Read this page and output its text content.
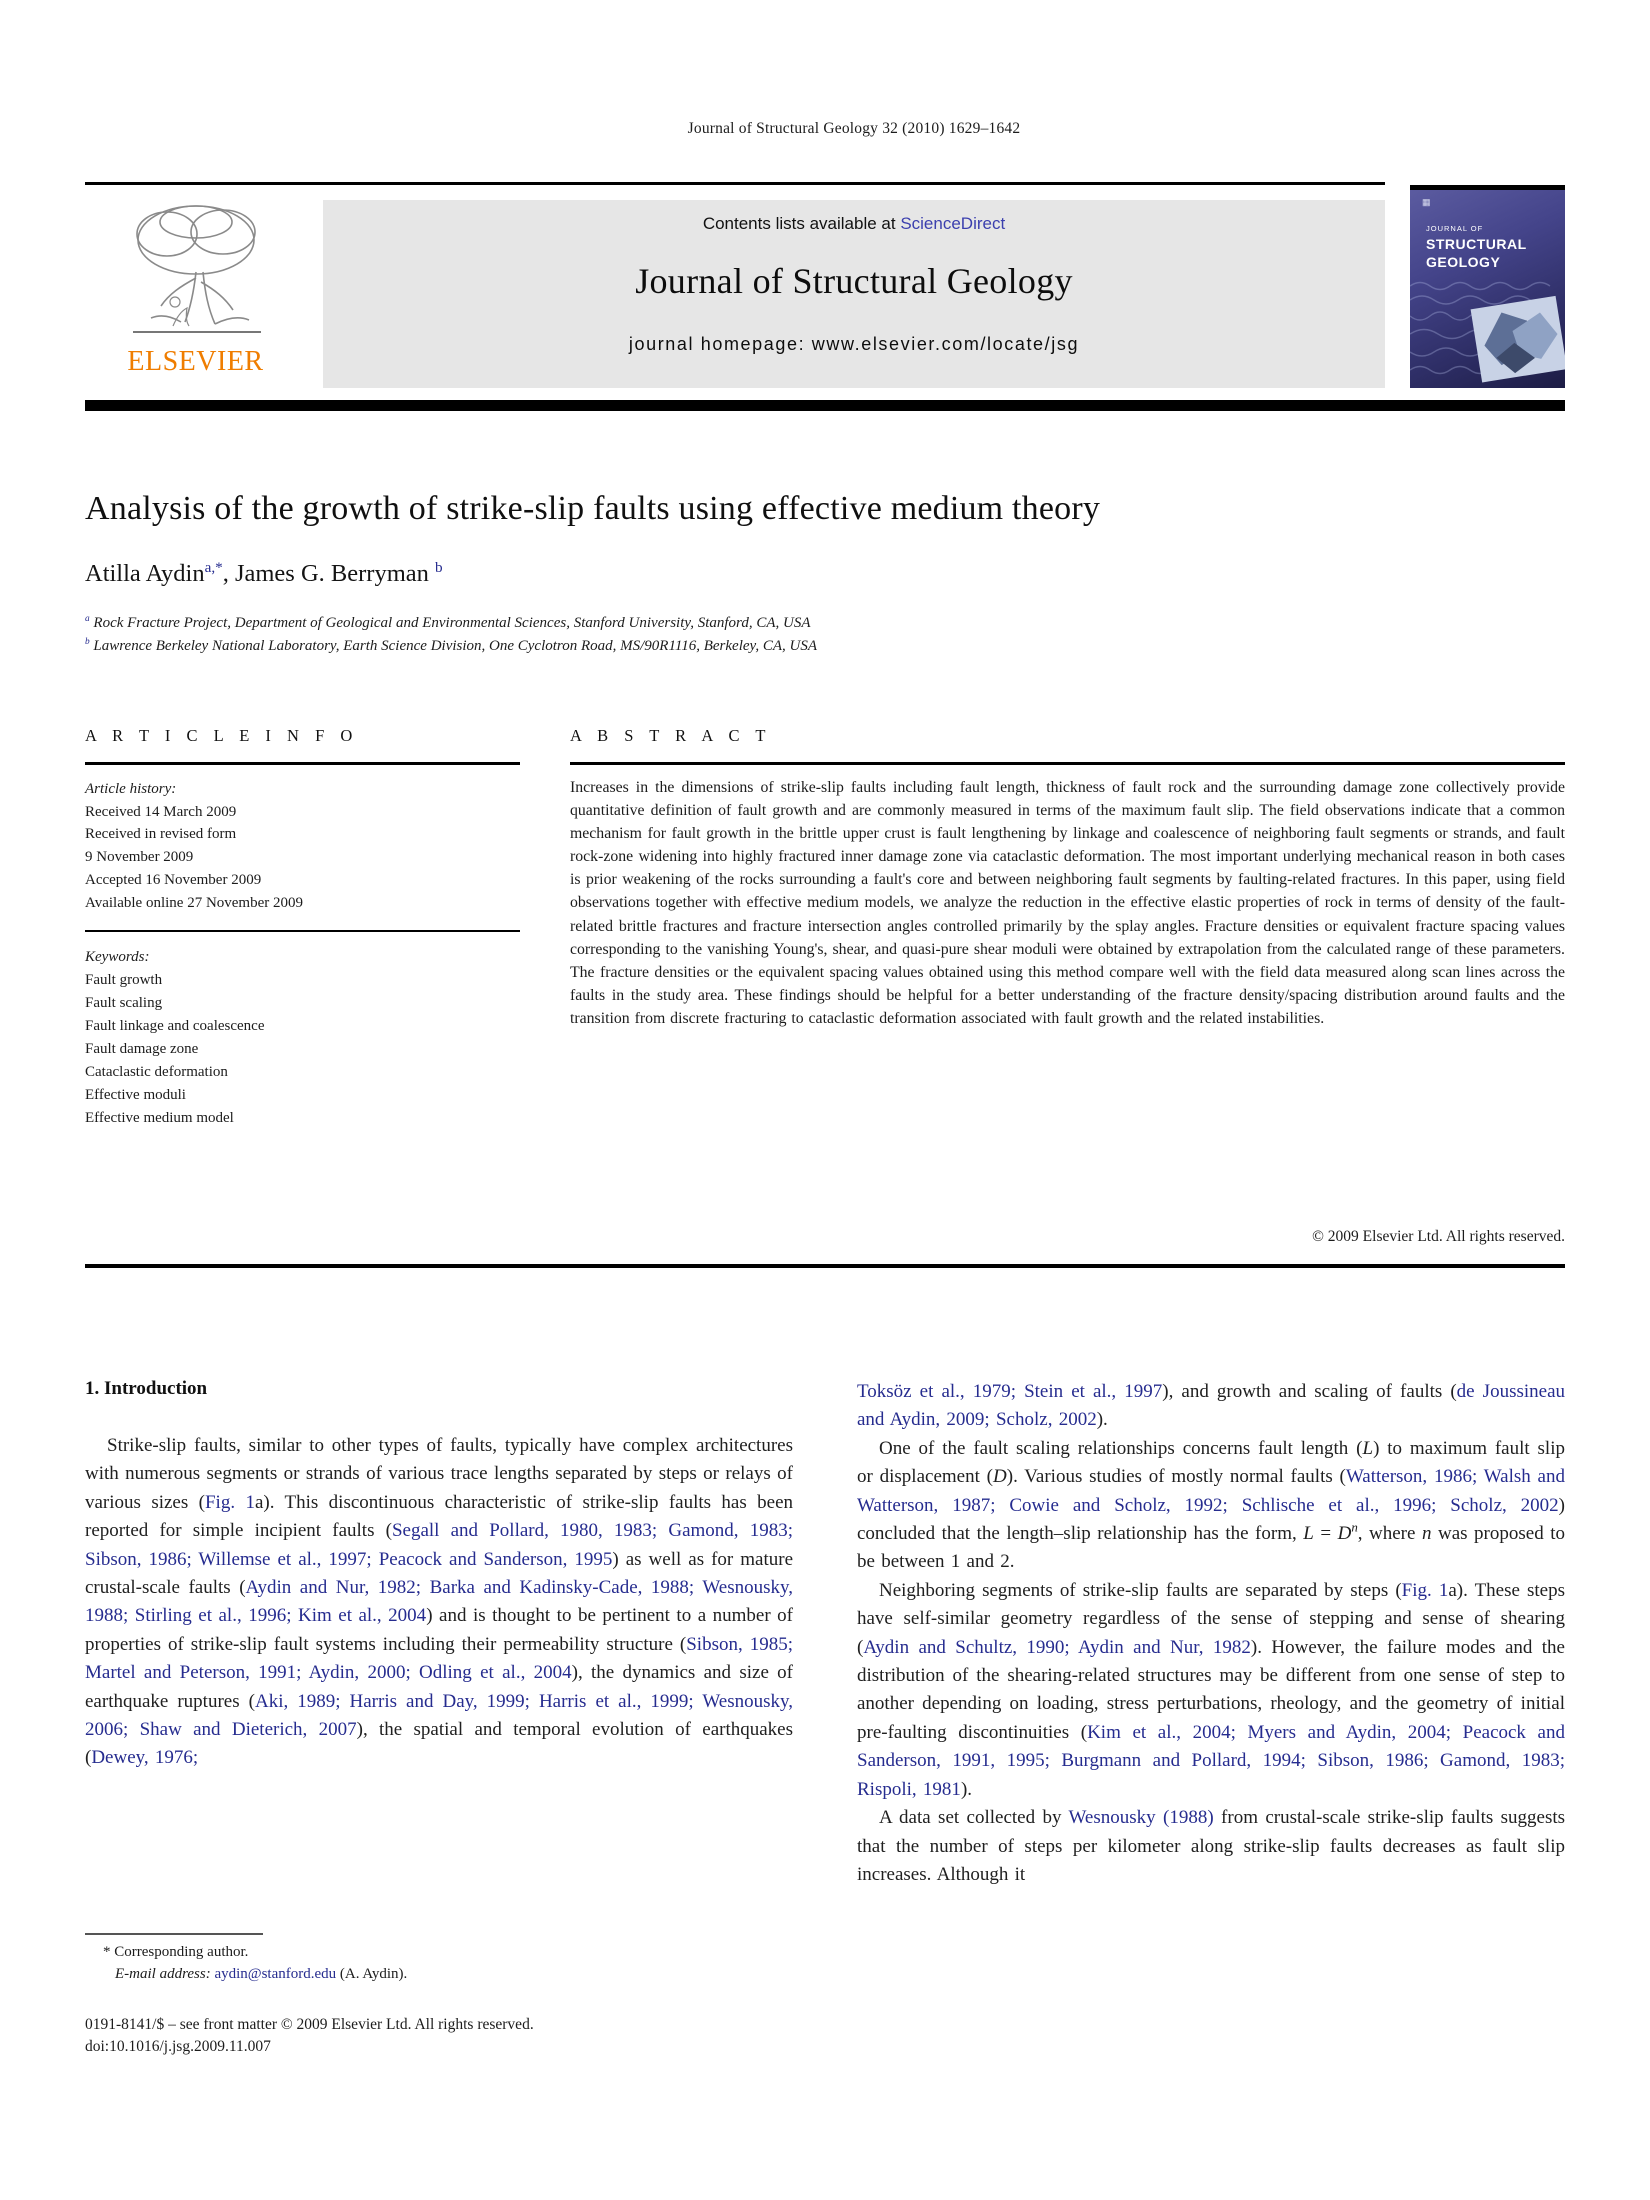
Journal of Structural Geology 32 (2010) 1629–1642
ELSEVIER
Contents lists available at ScienceDirect
Journal of Structural Geology
journal homepage: www.elsevier.com/locate/jsg
▦
JOURNAL OF
STRUCTURAL
GEOLOGY
Analysis of the growth of strike-slip faults using effective medium theory
Atilla Aydin$^{a,*}$, James G. Berryman $^b$
$^a$ Rock Fracture Project, Department of Geological and Environmental Sciences, Stanford University, Stanford, CA, USA
$^b$ Lawrence Berkeley National Laboratory, Earth Science Division, One Cyclotron Road, MS/90R1116, Berkeley, CA, USA
A R T I C L E I N F O
Article history:
Received 14 March 2009
Received in revised form
9 November 2009
Accepted 16 November 2009
Available online 27 November 2009
Keywords:
Fault growth
Fault scaling
Fault linkage and coalescence
Fault damage zone
Cataclastic deformation
Effective moduli
Effective medium model
A B S T R A C T
Increases in the dimensions of strike-slip faults including fault length, thickness of fault rock and the surrounding damage zone collectively provide quantitative definition of fault growth and are commonly measured in terms of the maximum fault slip. The field observations indicate that a common mechanism for fault growth in the brittle upper crust is fault lengthening by linkage and coalescence of neighboring fault segments or strands, and fault rock-zone widening into highly fractured inner damage zone via cataclastic deformation. The most important underlying mechanical reason in both cases is prior weakening of the rocks surrounding a fault's core and between neighboring fault segments by faulting-related fractures. In this paper, using field observations together with effective medium models, we analyze the reduction in the effective elastic properties of rock in terms of density of the fault-related brittle fractures and fracture intersection angles controlled primarily by the splay angles. Fracture densities or equivalent fracture spacing values corresponding to the vanishing Young's, shear, and quasi-pure shear moduli were obtained by extrapolation from the calculated range of these parameters. The fracture densities or the equivalent spacing values obtained using this method compare well with the field data measured along scan lines across the faults in the study area. These findings should be helpful for a better understanding of the fracture density/spacing distribution around faults and the transition from discrete fracturing to cataclastic deformation associated with fault growth and the related instabilities.
© 2009 Elsevier Ltd. All rights reserved.
1. Introduction

Strike-slip faults, similar to other types of faults, typically have complex architectures with numerous segments or strands of various trace lengths separated by steps or relays of various sizes (Fig. 1a). This discontinuous characteristic of strike-slip faults has been reported for simple incipient faults (Segall and Pollard, 1980, 1983; Gamond, 1983; Sibson, 1986; Willemse et al., 1997; Peacock and Sanderson, 1995) as well as for mature crustal-scale faults (Aydin and Nur, 1982; Barka and Kadinsky-Cade, 1988; Wesnousky, 1988; Stirling et al., 1996; Kim et al., 2004) and is thought to be pertinent to a number of properties of strike-slip fault systems including their permeability structure (Sibson, 1985; Martel and Peterson, 1991; Aydin, 2000; Odling et al., 2004), the dynamics and size of earthquake ruptures (Aki, 1989; Harris and Day, 1999; Harris et al., 1999; Wesnousky, 2006; Shaw and Dieterich, 2007), the spatial and temporal evolution of earthquakes (Dewey, 1976;

Toksöz et al., 1979; Stein et al., 1997), and growth and scaling of faults (de Joussineau and Aydin, 2009; Scholz, 2002).

One of the fault scaling relationships concerns fault length (L) to maximum fault slip or displacement (D). Various studies of mostly normal faults (Watterson, 1986; Walsh and Watterson, 1987; Cowie and Scholz, 1992; Schlische et al., 1996; Scholz, 2002) concluded that the length–slip relationship has the form, $L = D^n$, where n was proposed to be between 1 and 2.

Neighboring segments of strike-slip faults are separated by steps (Fig. 1a). These steps have self-similar geometry regardless of the sense of stepping and sense of shearing (Aydin and Schultz, 1990; Aydin and Nur, 1982). However, the failure modes and the distribution of the shearing-related structures may be different from one sense of step to another depending on loading, stress perturbations, rheology, and the geometry of initial pre-faulting discontinuities (Kim et al., 2004; Myers and Aydin, 2004; Peacock and Sanderson, 1991, 1995; Burgmann and Pollard, 1994; Sibson, 1986; Gamond, 1983; Rispoli, 1981).

A data set collected by Wesnousky (1988) from crustal-scale strike-slip faults suggests that the number of steps per kilometer along strike-slip faults decreases as fault slip increases. Although it

* Corresponding author.
E-mail address: aydin@stanford.edu (A. Aydin).
0191-8141/$ – see front matter © 2009 Elsevier Ltd. All rights reserved.
doi:10.1016/j.jsg.2009.11.007
